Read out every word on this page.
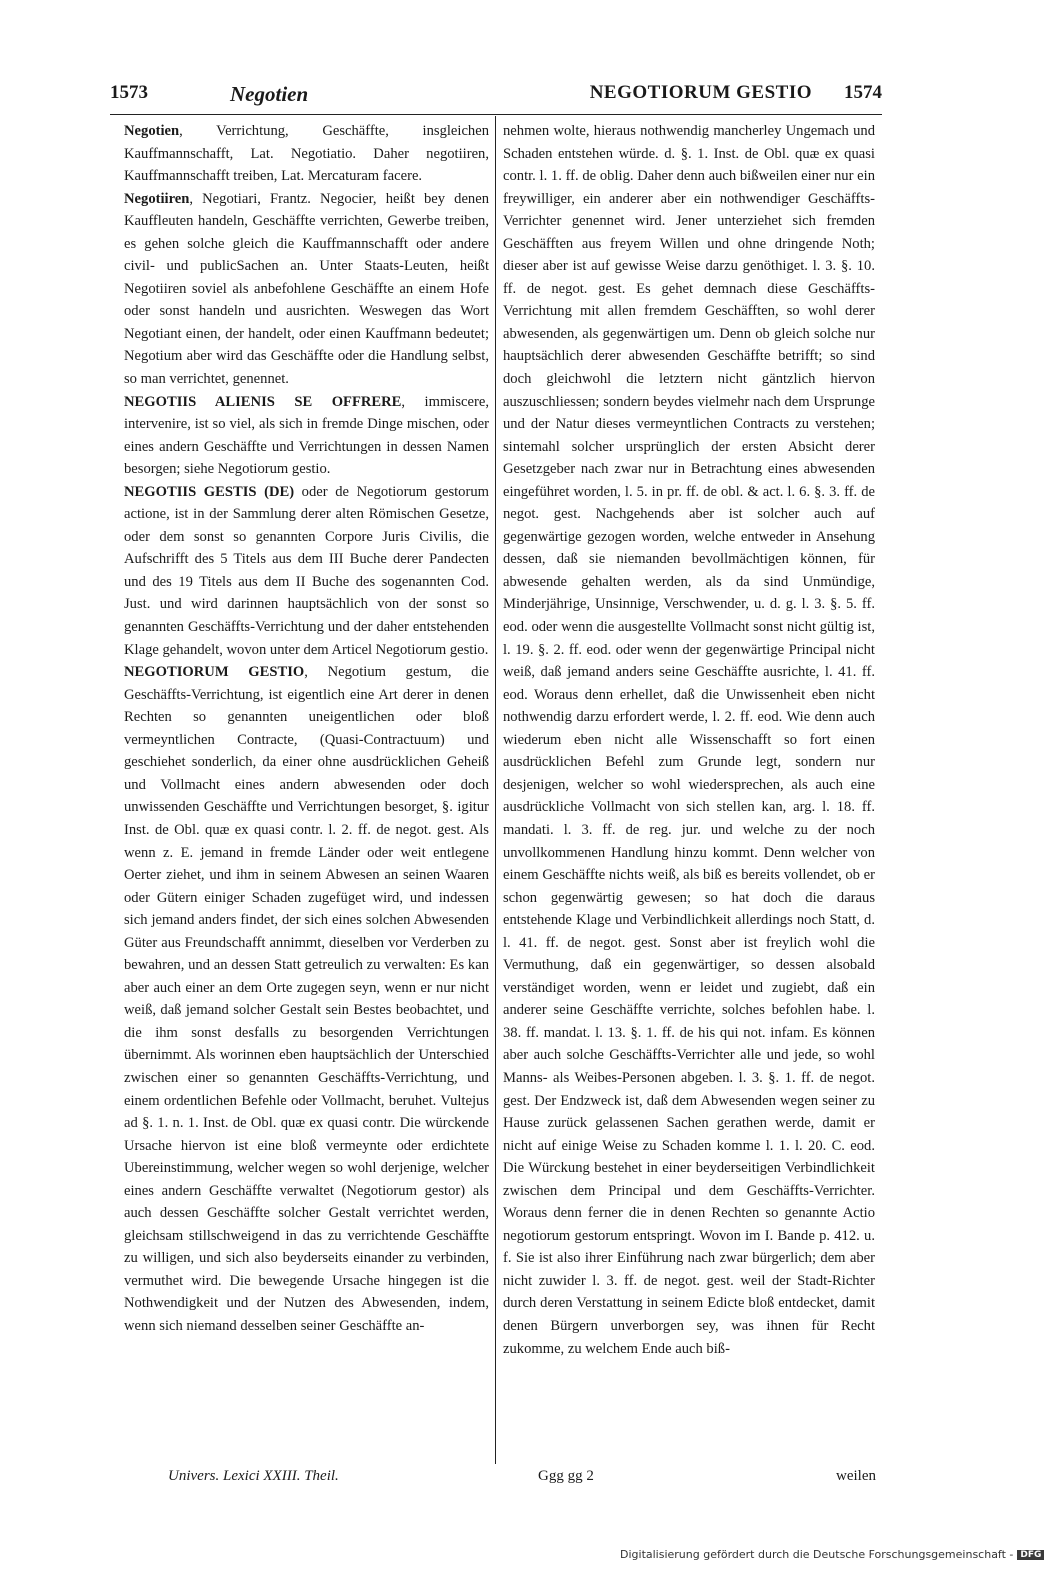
1573	Negotien	NEGOTIORUM GESTIO 1574

Negotien, Verrichtung, Geschäffte, insgleichen Kauffmannschafft, Lat. Negotiatio. Daher negotiiren, Kauffmannschafft treiben, Lat. Mercaturam facere.

Negotiiren, Negotiari, Frantz. Negocier, heißt bey denen Kauffleuten handeln, Geschäffte verrichten, Gewerbe treiben, es gehen solche gleich die Kauffmannschafft oder andere civil- und publicSachen an. Unter Staats-Leuten, heißt Negotiiren soviel als anbefohlene Geschäffte an einem Hofe oder sonst handeln und ausrichten. Weswegen das Wort Negotiant einen, der handelt, oder einen Kauffmann bedeutet; Negotium aber wird das Geschäffte oder die Handlung selbst, so man verrichtet, genennet.

NEGOTIIS ALIENIS SE OFFRERE, immiscere, intervenire, ist so viel, als sich in fremde Dinge mischen, oder eines andern Geschäffte und Verrichtungen in dessen Namen besorgen; siehe Negotiorum gestio.

NEGOTIIS GESTIS (DE) oder de Negotiorum gestorum actione, ist in der Sammlung derer alten Römischen Gesetze, oder dem sonst so genannten Corpore Juris Civilis, die Aufschrifft des 5 Titels aus dem III Buche derer Pandecten und des 19 Titels aus dem II Buche des sogenannten Cod. Just. und wird darinnen hauptsächlich von der sonst so genannten Geschäffts-Verrichtung und der daher entstehenden Klage gehandelt, wovon unter dem Articel Negotiorum gestio.

NEGOTIORUM GESTIO, Negotium gestum, die Geschäffts-Verrichtung, ist eigentlich eine Art derer in denen Rechten so genannten uneigentlichen oder bloß vermeyntlichen Contracte, (Quasi-Contractuum) und geschiehet sonderlich, da einer ohne ausdrücklichen Geheiß und Vollmacht eines andern abwesenden oder doch unwissenden Geschäffte und Verrichtungen besorget, §. igitur Inst. de Obl. quæ ex quasi contr. l. 2. ff. de negot. gest. Als wenn z. E. jemand in fremde Länder oder weit entlegene Oerter ziehet, und ihm in seinem Abwesen an seinen Waaren oder Gütern einiger Schaden zugefüget wird, und indessen sich jemand anders findet, der sich eines solchen Abwesenden Güter aus Freundschafft annimmt, dieselben vor Verderben zu bewahren, und an dessen Statt getreulich zu verwalten: Es kan aber auch einer an dem Orte zugegen seyn, wenn er nur nicht weiß, daß jemand solcher Gestalt sein Bestes beobachtet, und die ihm sonst desfalls zu besorgenden Verrichtungen übernimmt. Als worinnen eben hauptsächlich der Unterschied zwischen einer so genannten Geschäffts-Verrichtung, und einem ordentlichen Befehle oder Vollmacht, beruhet. Vultejus ad §. 1. n. 1. Inst. de Obl. quæ ex quasi contr. Die würckende Ursache hiervon ist eine bloß vermeynte oder erdichtete Ubereinstimmung, welcher wegen so wohl derjenige, welcher eines andern Geschäffte verwaltet (Negotiorum gestor) als auch dessen Geschäffte solcher Gestalt verrichtet werden, gleichsam stillschweigend in das zu verrichtende Geschäffte zu willigen, und sich also beyderseits einander zu verbinden, vermuthet wird. Die bewegende Ursache hingegen ist die Nothwendigkeit und der Nutzen des Abwesenden, indem, wenn sich niemand desselben seiner Geschäffte an-

nehmen wolte, hieraus nothwendig mancherley Ungemach und Schaden entstehen würde. d. §. 1. Inst. de Obl. quæ ex quasi contr. l. 1. ff. de oblig. Daher denn auch bißweilen einer nur ein freywilliger, ein anderer aber ein nothwendiger Geschäffts-Verrichter genennet wird. Jener unterziehet sich fremden Geschäfften aus freyem Willen und ohne dringende Noth; dieser aber ist auf gewisse Weise darzu genöthiget. l. 3. §. 10. ff. de negot. gest. Es gehet demnach diese Geschäffts-Verrichtung mit allen fremdem Geschäfften, so wohl derer abwesenden, als gegenwärtigen um. Denn ob gleich solche nur hauptsächlich derer abwesenden Geschäffte betrifft; so sind doch gleichwohl die letztern nicht gäntzlich hiervon auszuschliessen; sondern beydes vielmehr nach dem Ursprunge und der Natur dieses vermeyntlichen Contracts zu verstehen; sintemahl solcher ursprünglich der ersten Absicht derer Gesetzgeber nach zwar nur in Betrachtung eines abwesenden eingeführet worden, l. 5. in pr. ff. de obl. & act. l. 6. §. 3. ff. de negot. gest. Nachgehends aber ist solcher auch auf gegenwärtige gezogen worden, welche entweder in Ansehung dessen, daß sie niemanden bevollmächtigen können, für abwesende gehalten werden, als da sind Unmündige, Minderjährige, Unsinnige, Verschwender, u. d. g. l. 3. §. 5. ff. eod. oder wenn die ausgestellte Vollmacht sonst nicht gültig ist, l. 19. §. 2. ff. eod. oder wenn der gegenwärtige Principal nicht weiß, daß jemand anders seine Geschäffte ausrichte, l. 41. ff. eod. Woraus denn erhellet, daß die Unwissenheit eben nicht nothwendig darzu erfordert werde, l. 2. ff. eod. Wie denn auch wiederum eben nicht alle Wissenschafft so fort einen ausdrücklichen Befehl zum Grunde legt, sondern nur desjenigen, welcher so wohl wiedersprechen, als auch eine ausdrückliche Vollmacht von sich stellen kan, arg. l. 18. ff. mandati. l. 3. ff. de reg. jur. und welche zu der noch unvollkommenen Handlung hinzu kommt. Denn welcher von einem Geschäffte nichts weiß, als biß es bereits vollendet, ob er schon gegenwärtig gewesen; so hat doch die daraus entstehende Klage und Verbindlichkeit allerdings noch Statt, d. l. 41. ff. de negot. gest. Sonst aber ist freylich wohl die Vermuthung, daß ein gegenwärtiger, so dessen alsobald verständiget worden, wenn er leidet und zugiebt, daß ein anderer seine Geschäffte verrichte, solches befohlen habe. l. 38. ff. mandat. l. 13. §. 1. ff. de his qui not. infam. Es können aber auch solche Geschäffts-Verrichter alle und jede, so wohl Manns- als Weibes-Personen abgeben. l. 3. §. 1. ff. de negot. gest. Der Endzweck ist, daß dem Abwesenden wegen seiner zu Hause zurück gelassenen Sachen gerathen werde, damit er nicht auf einige Weise zu Schaden komme l. 1. l. 20. C. eod. Die Würckung bestehet in einer beyderseitigen Verbindlichkeit zwischen dem Principal und dem Geschäffts-Verrichter. Woraus denn ferner die in denen Rechten so genannte Actio negotiorum gestorum entspringt. Wovon im I. Bande p. 412. u. f. Sie ist also ihrer Einführung nach zwar bürgerlich; dem aber nicht zuwider l. 3. ff. de negot. gest. weil der Stadt-Richter durch deren Verstattung in seinem Edicte bloß entdecket, damit denen Bürgern unverborgen sey, was ihnen für Recht zukomme, zu welchem Ende auch biß-

Univers. Lexici XXIII. Theil.	Ggg gg 2	weilen
Digitalisierung gefördert durch die Deutsche Forschungsgemeinschaft - DFG
